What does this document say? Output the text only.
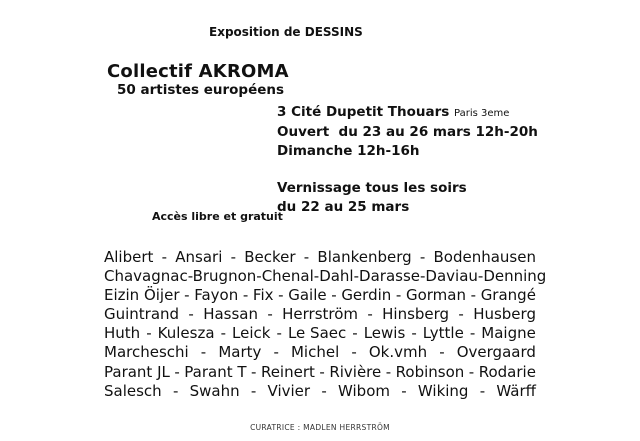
Exposition de DESSINS
Collectif AKROMA
50 artistes européens
3 Cité Dupetit Thouars Paris 3eme
Ouvert  du 23 au 26 mars 12h-20h
Dimanche 12h-16h
Vernissage tous les soirs
du 22 au 25 mars
Accès libre et gratuit
Alibert - Ansari - Becker - Blankenberg - Bodenhausen
Chavagnac-Brugnon - Chenal - Dahl - Darasse - Daviau - Denning
Eizin Öijer - Fayon - Fix - Gaile - Gerdin - Gorman - Grangé
Guintrand - Hassan - Herrström - Hinsberg - Husberg
Huth - Kulesza - Leick - Le Saec - Lewis - Lyttle - Maigne
Marcheschi - Marty - Michel - Ok.vmh - Overgaard
Parant JL - Parant T - Reinert - Rivière - Robinson - Rodarie
Salesch - Swahn - Vivier - Wibom - Wiking - Wärff
CURATRICE : MADLEN HERRSTRÖM
